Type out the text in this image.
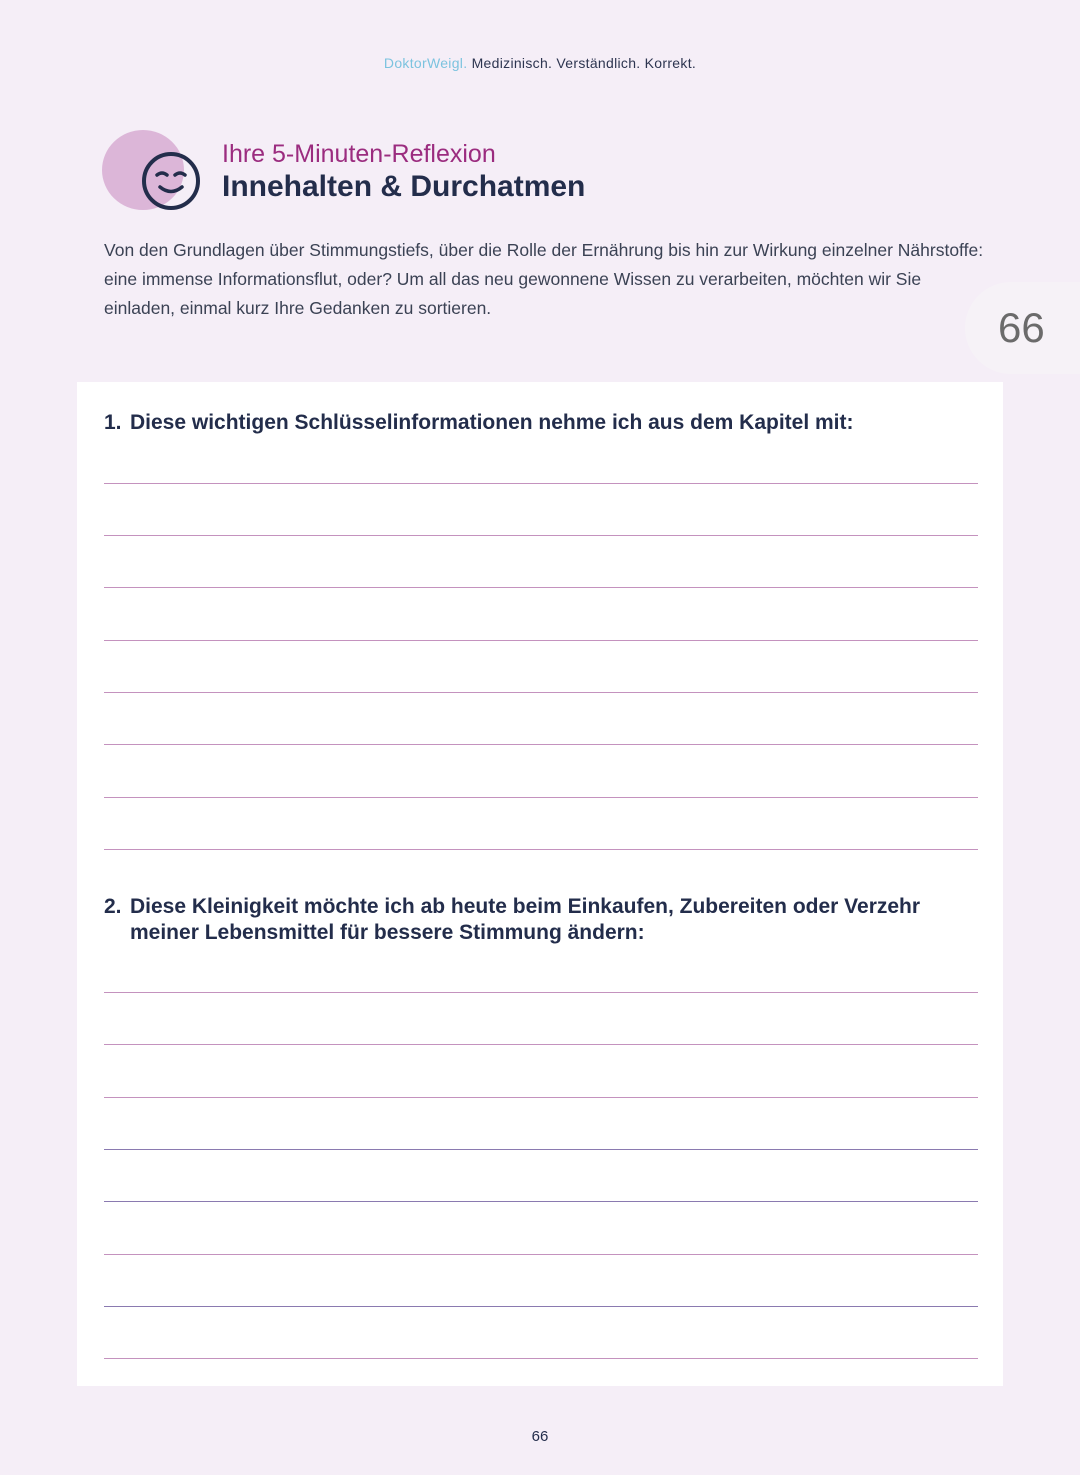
DoktorWeigl. Medizinisch. Verständlich. Korrekt.
Ihre 5-Minuten-Reflexion
Innehalten & Durchatmen
Von den Grundlagen über Stimmungstiefs, über die Rolle der Ernährung bis hin zur Wirkung einzelner Nährstoffe: eine immense Informationsflut, oder? Um all das neu gewonnene Wissen zu verarbeiten, möchten wir Sie einladen, einmal kurz Ihre Gedanken zu sortieren.	66
1. Diese wichtigen Schlüsselinformationen nehme ich aus dem Kapitel mit:
2. Diese Kleinigkeit möchte ich ab heute beim Einkaufen, Zubereiten oder Verzehr meiner Lebensmittel für bessere Stimmung ändern:
66
